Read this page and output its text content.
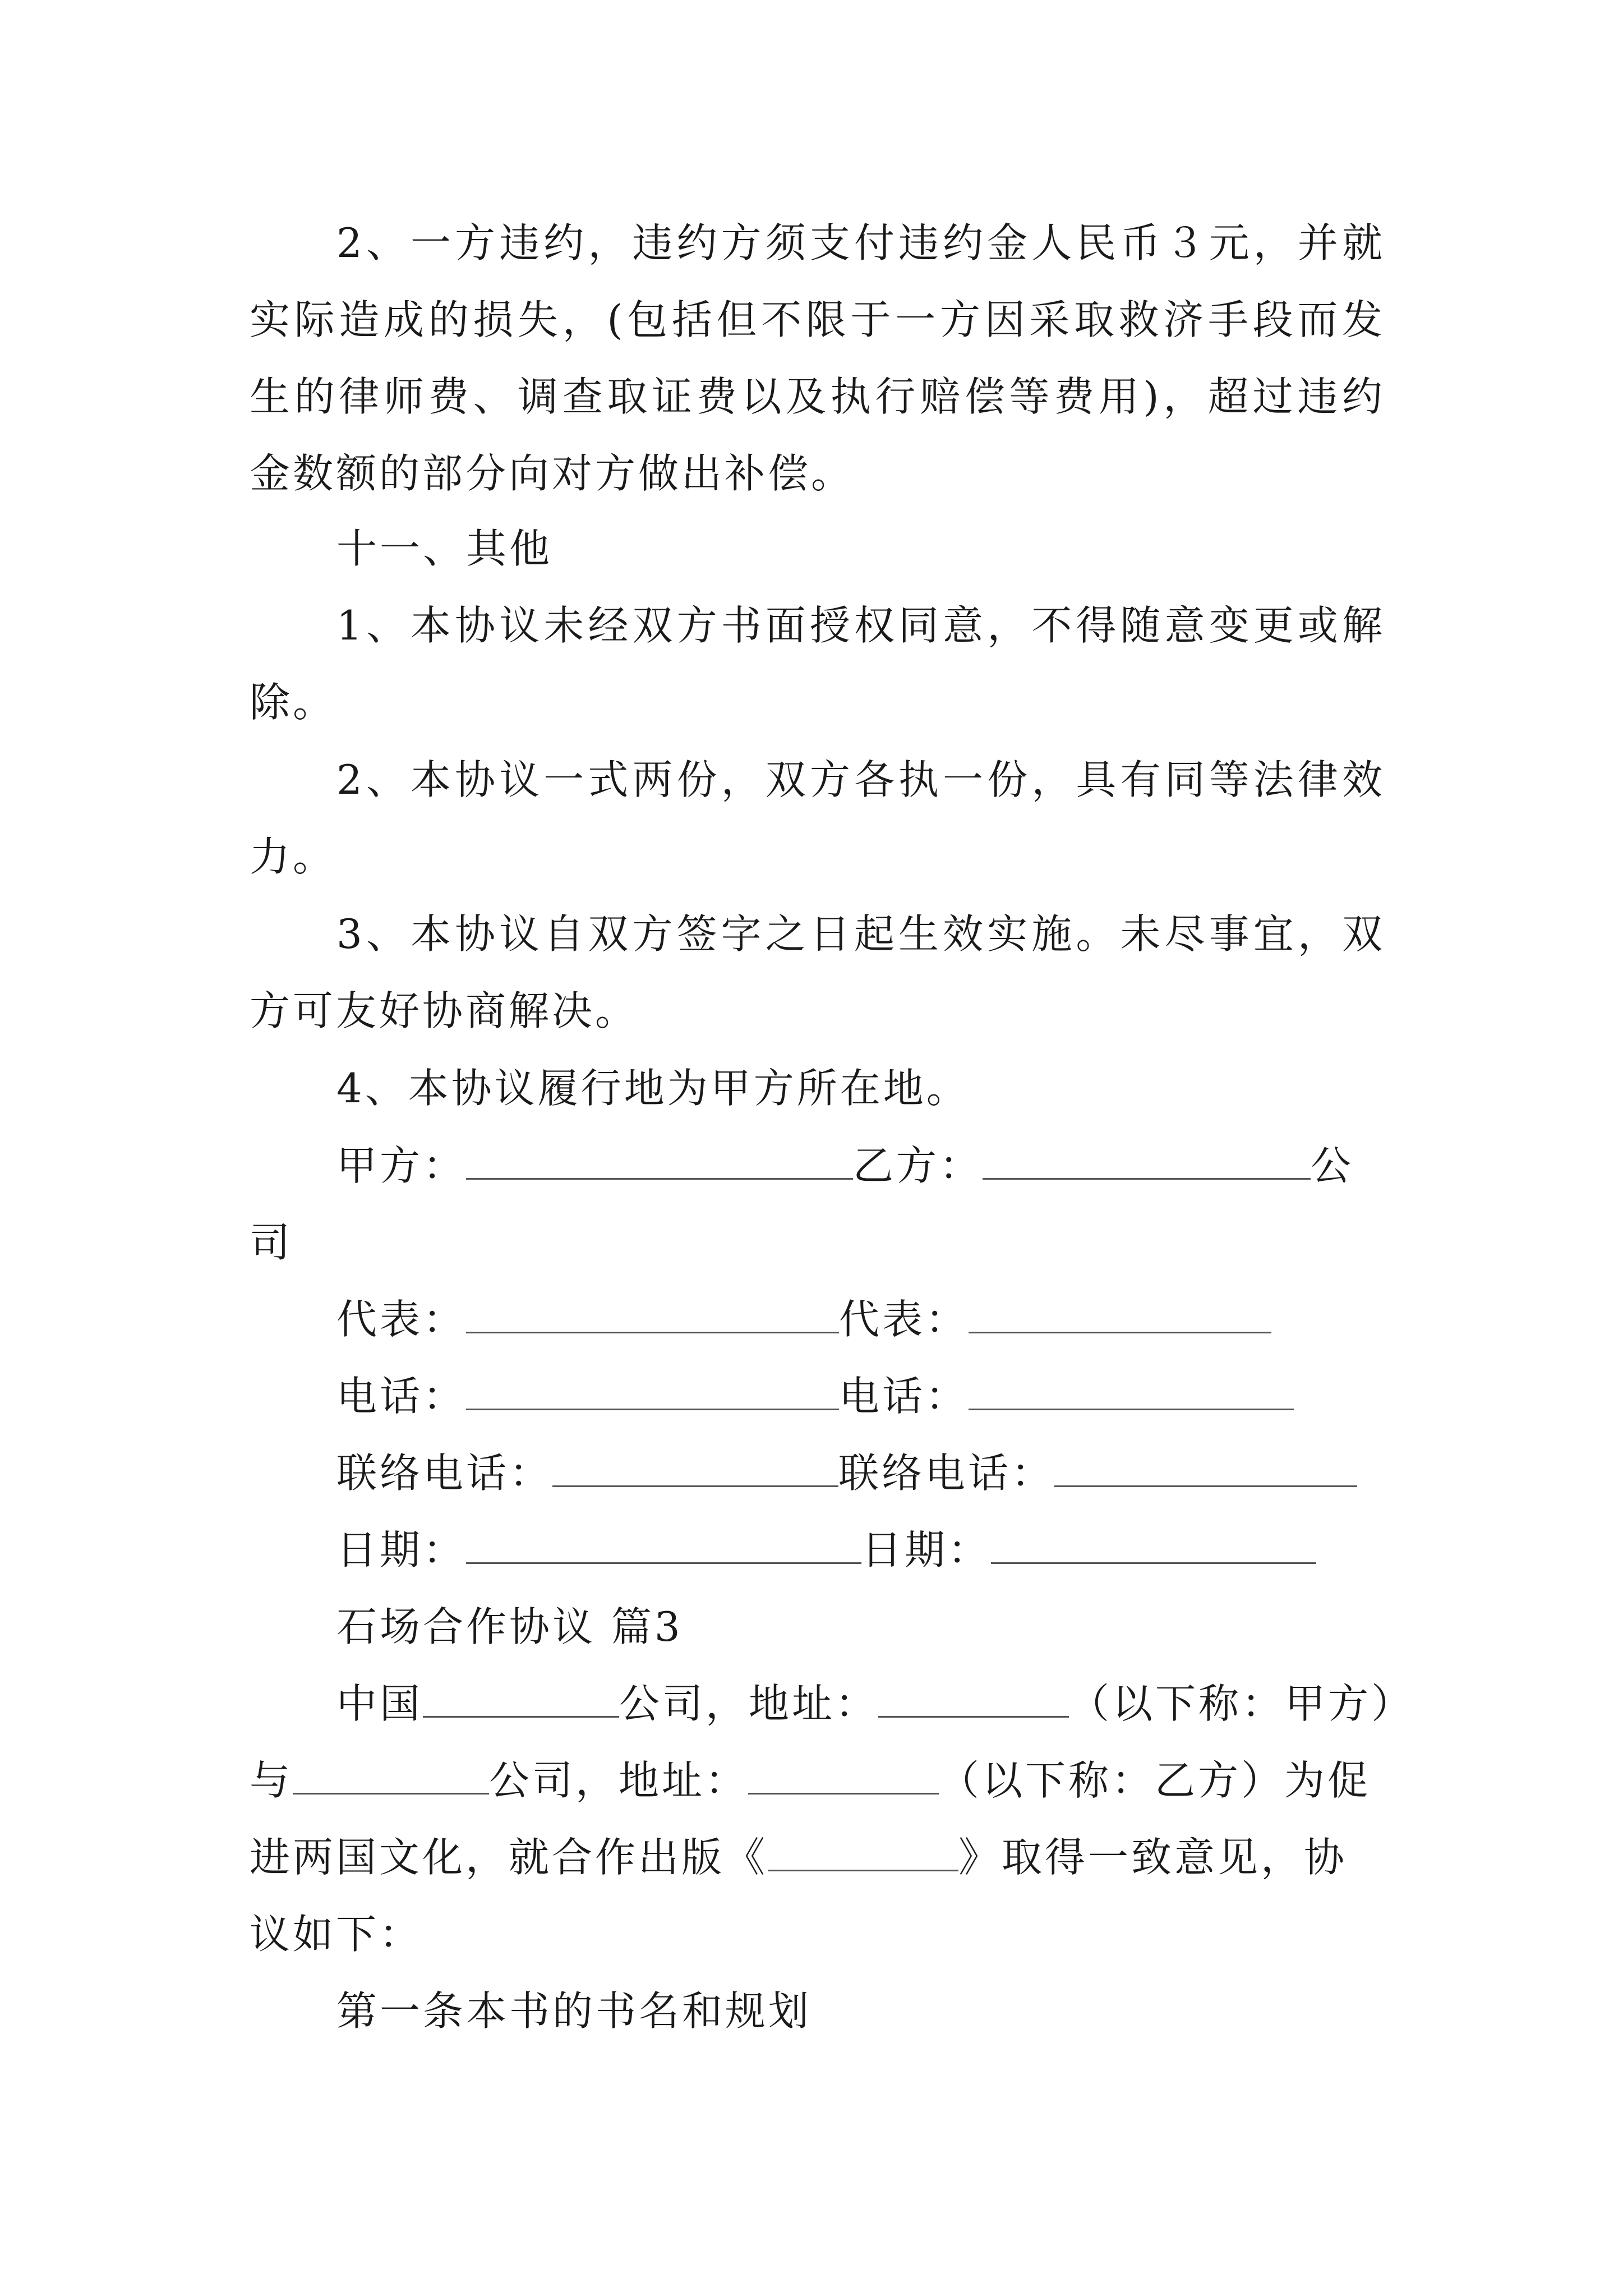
2、一方违约，违约方须支付违约金人民币３元，并就实际造成的损失，(包括但不限于一方因采取救济手段而发生的律师费、调查取证费以及执行赔偿等费用)，超过违约金数额的部分向对方做出补偿。

十一、其他

1、本协议未经双方书面授权同意，不得随意变更或解除。

2、本协议一式两份，双方各执一份，具有同等法律效力。

3、本协议自双方签字之日起生效实施。未尽事宜，双方可友好协商解决。

4、本协议履行地为甲方所在地。
甲方：	乙方：	公
司
代表：	代表：
电话：	电话：
联络电话：	联络电话：
日期：	日期：
石场合作协议 篇3
中国	公司，地址：	（以下称：甲方）
与	公司，地址：	（以下称：乙方）为促
进两国文化，就合作出版《	》取得一致意见，协
议如下：
第一条本书的书名和规划
